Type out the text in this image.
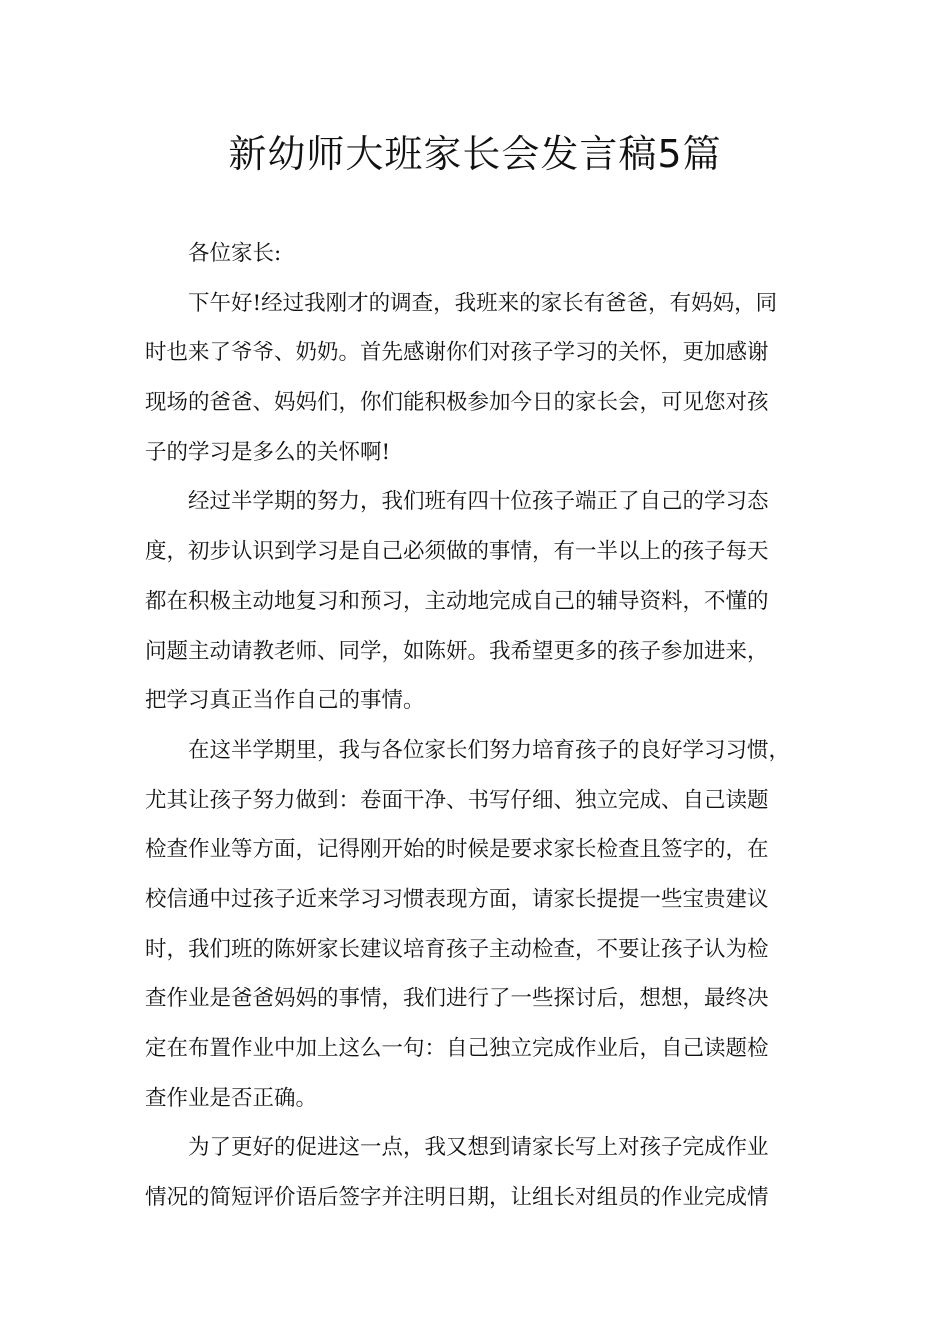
新幼师大班家长会发言稿5篇
各位家长:
下午好!经过我刚才的调查，我班来的家长有爸爸，有妈妈，同
时也来了爷爷、奶奶。首先感谢你们对孩子学习的关怀，更加感谢
现场的爸爸、妈妈们，你们能积极参加今日的家长会，可见您对孩
子的学习是多么的关怀啊!
经过半学期的努力，我们班有四十位孩子端正了自己的学习态
度，初步认识到学习是自己必须做的事情，有一半以上的孩子每天
都在积极主动地复习和预习，主动地完成自己的辅导资料，不懂的
问题主动请教老师、同学，如陈妍。我希望更多的孩子参加进来，
把学习真正当作自己的事情。
在这半学期里，我与各位家长们努力培育孩子的良好学习习惯，
尤其让孩子努力做到：卷面干净、书写仔细、独立完成、自己读题
检查作业等方面，记得刚开始的时候是要求家长检查且签字的，在
校信通中过孩子近来学习习惯表现方面，请家长提提一些宝贵建议
时，我们班的陈妍家长建议培育孩子主动检查，不要让孩子认为检
查作业是爸爸妈妈的事情，我们进行了一些探讨后，想想，最终决
定在布置作业中加上这么一句：自己独立完成作业后，自己读题检
查作业是否正确。
为了更好的促进这一点，我又想到请家长写上对孩子完成作业
情况的简短评价语后签字并注明日期，让组长对组员的作业完成情
